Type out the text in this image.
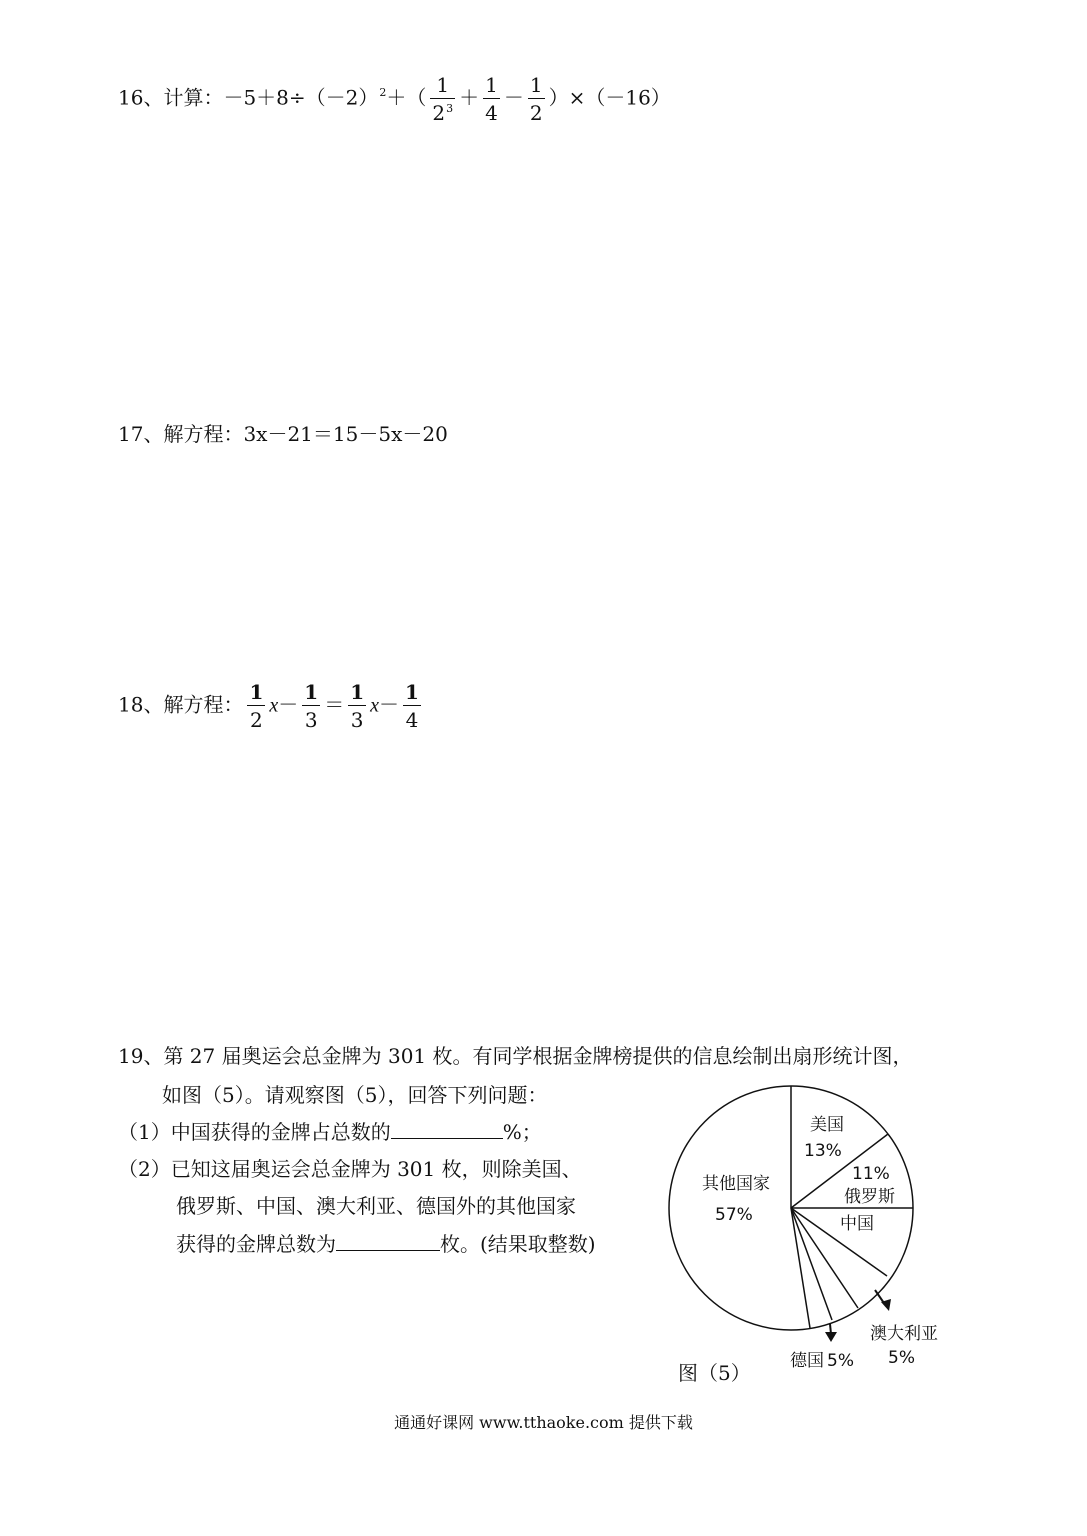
16、计算：$-5+8\div(-2)^2+( \frac{1}{2^3} + \frac{1}{4} - \frac{1}{2} )\times(-16)$
17、解方程：3x－21＝15－5x－20
18、解方程： $\frac{1}{2} x- \frac{1}{3} = \frac{1}{3} x- \frac{1}{4}$
19、第 27 届奥运会总金牌为 301 枚。有同学根据金牌榜提供的信息绘制出扇形统计图，
如图（5）。请观察图（5），回答下列问题：
（1）中国获得的金牌占总数的	%；
（2）已知这届奥运会总金牌为 301 枚，则除美国、
俄罗斯、中国、澳大利亚、德国外的其他国家
获得的金牌总数为	枚。(结果取整数)
美国
13%
11%
俄罗斯
中国
其他国家
57%
澳大利亚
5%
德国 5%
图（5）
通通好课网 www.tthaoke.com 提供下载
